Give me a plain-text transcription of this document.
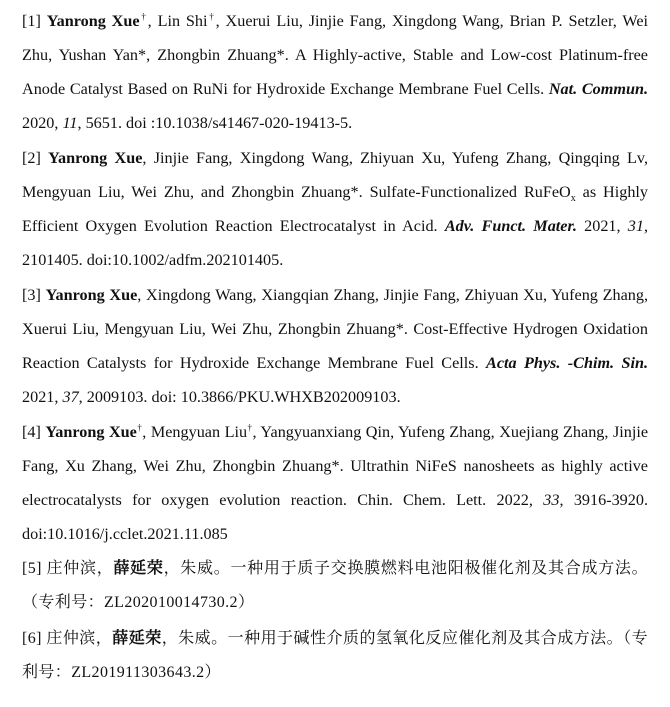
[1] Yanrong Xue†, Lin Shi†, Xuerui Liu, Jinjie Fang, Xingdong Wang, Brian P. Setzler, Wei Zhu, Yushan Yan*, Zhongbin Zhuang*. A Highly-active, Stable and Low-cost Platinum-free Anode Catalyst Based on RuNi for Hydroxide Exchange Membrane Fuel Cells. Nat. Commun. 2020, 11, 5651. doi :10.1038/s41467-020-19413-5.
[2] Yanrong Xue, Jinjie Fang, Xingdong Wang, Zhiyuan Xu, Yufeng Zhang, Qingqing Lv, Mengyuan Liu, Wei Zhu, and Zhongbin Zhuang*. Sulfate-Functionalized RuFeO$_x$ as Highly Efficient Oxygen Evolution Reaction Electrocatalyst in Acid. Adv. Funct. Mater. 2021, 31, 2101405. doi:10.1002/adfm.202101405.
[3] Yanrong Xue, Xingdong Wang, Xiangqian Zhang, Jinjie Fang, Zhiyuan Xu, Yufeng Zhang, Xuerui Liu, Mengyuan Liu, Wei Zhu, Zhongbin Zhuang*. Cost-Effective Hydrogen Oxidation Reaction Catalysts for Hydroxide Exchange Membrane Fuel Cells. Acta Phys. -Chim. Sin. 2021, 37, 2009103. doi: 10.3866/PKU.WHXB202009103.
[4] Yanrong Xue†, Mengyuan Liu†, Yangyuanxiang Qin, Yufeng Zhang, Xuejiang Zhang, Jinjie Fang, Xu Zhang, Wei Zhu, Zhongbin Zhuang*. Ultrathin NiFeS nanosheets as highly active electrocatalysts for oxygen evolution reaction. Chin. Chem. Lett. 2022, 33, 3916-3920. doi:10.1016/j.cclet.2021.11.085
[5] 庄仲滨，薛延荣，朱威。一种用于质子交换膜燃料电池阳极催化剂及其合成方法。（专利号：ZL202010014730.2）
[6] 庄仲滨，薛延荣，朱威。一种用于碱性介质的氢氧化反应催化剂及其合成方法。（专利号：ZL201911303643.2）
